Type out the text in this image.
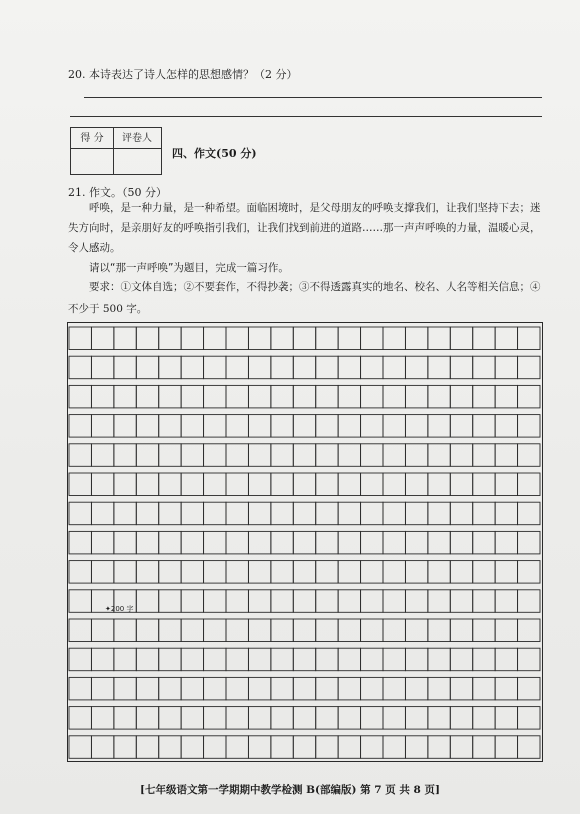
20. 本诗表达了诗人怎样的思想感情？（2 分）
得 分	评卷人
四、作文(50 分)
21. 作文。（50 分）
呼唤，是一种力量，是一种希望。面临困境时，是父母朋友的呼唤支撑我们，让我们坚持下去；迷失方向时，是亲朋好友的呼唤指引我们，让我们找到前进的道路……那一声声呼唤的力量，温暖心灵，令人感动。
请以“那一声呼唤”为题目，完成一篇习作。
要求：①文体自选；②不要套作，不得抄袭；③不得透露真实的地名、校名、人名等相关信息；④不少于 500 字。
✦200 字
[七年级语文第一学期期中教学检测 B(部编版) 第 7 页 共 8 页]
